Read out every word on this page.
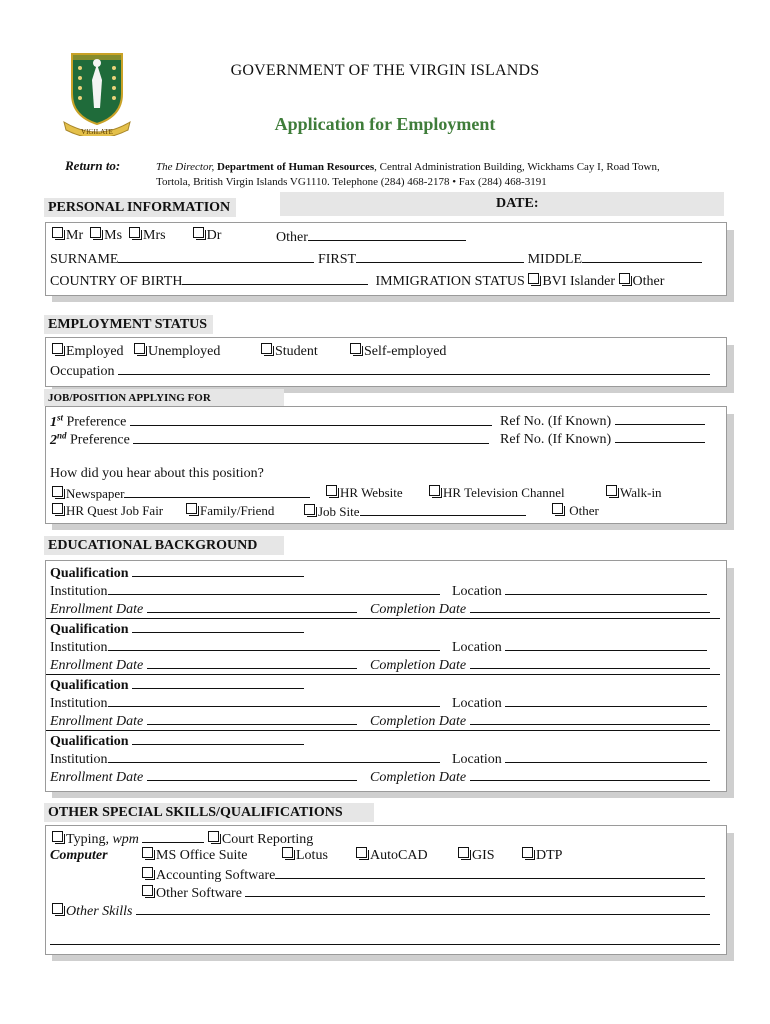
VIGILATE
GOVERNMENT OF THE VIRGIN ISLANDS
Application for Employment
Return to:	The Director, Department of Human Resources, Central Administration Building, Wickhams Cay I, Road Town,
Tortola, British Virgin Islands VG1110. Telephone (284) 468-2178 • Fax (284) 468-3191
DATE:
PERSONAL INFORMATION
Mr Ms Mrs	Dr	Other
SURNAME	FIRST	MIDDLE
COUNTRY OF BIRTH	IMMIGRATION STATUS BVI Islander Other
EMPLOYMENT STATUS
Employed Unemployed	Student	Self-employed
Occupation
JOB/POSITION APPLYING FOR
1st Preference	Ref No. (If Known)
2nd Preference	Ref No. (If Known)
How did you hear about this position?
Newspaper	HR Website	HR Television Channel	Walk-in
HR Quest Job Fair	Family/Friend	Job Site	Other
EDUCATIONAL BACKGROUND
Qualification
Institution	Location
Enrollment Date	Completion Date
Qualification
Institution	Location
Enrollment Date	Completion Date
Qualification
Institution	Location
Enrollment Date	Completion Date
Qualification
Institution	Location
Enrollment Date	Completion Date
OTHER SPECIAL SKILLS/QUALIFICATIONS
Typing, wpm	Court Reporting
Computer	MS Office Suite	Lotus	AutoCAD	GIS	DTP
Accounting Software
Other Software
Other Skills
